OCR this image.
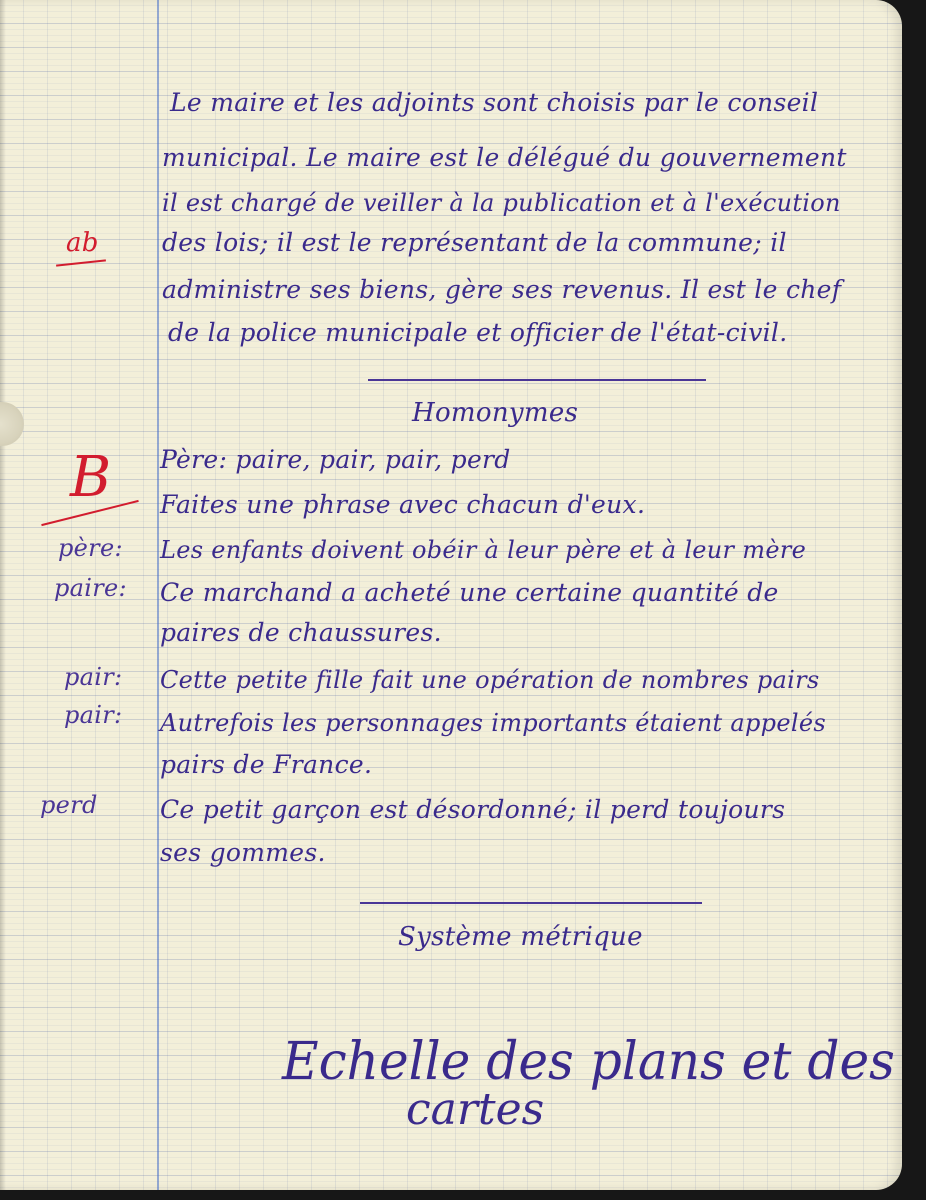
Le maire et les adjoints sont choisis par le conseil

municipal. Le maire est le délégué du gouvernement

il est chargé de veiller à la publication et à l'exécution

des lois; il est le représentant de la commune; il

administre ses biens, gère ses revenus. Il est le chef

de la police municipale et officier de l'état-civil.

ab

Homonymes

B Père: paire, pair, pair, perd

Faites une phrase avec chacun d'eux.

père:

paire:

pair:

pair:

perd

Les enfants doivent obéir à leur père et à leur mère

Ce marchand a acheté une certaine quantité de

paires de chaussures.

Cette petite fille fait une opération de nombres pairs

Autrefois les personnages importants étaient appelés

pairs de France.

Ce petit garçon est désordonné; il perd toujours

ses gommes.

Système métrique

Echelle des plans et des

cartes
